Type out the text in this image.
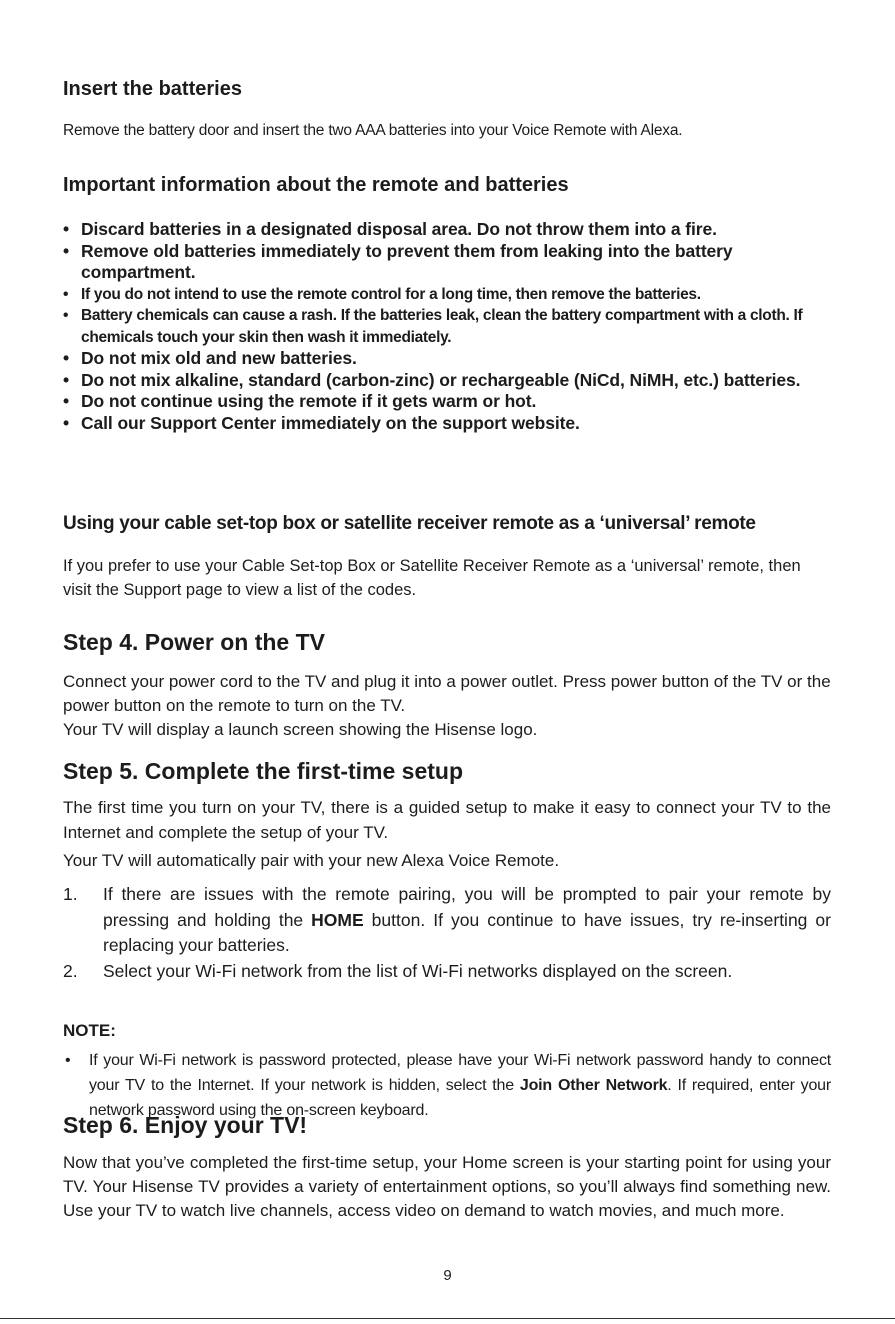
Insert the batteries

Remove the battery door and insert the two AAA batteries into your Voice Remote with Alexa.

Important information about the remote and batteries
• Discard batteries in a designated disposal area. Do not throw them into a fire.
• Remove old batteries immediately to prevent them from leaking into the battery compartment.
• If you do not intend to use the remote control for a long time, then remove the batteries.
• Battery chemicals can cause a rash. If the batteries leak, clean the battery compartment with a cloth. If chemicals touch your skin then wash it immediately.
• Do not mix old and new batteries.
• Do not mix alkaline, standard (carbon-zinc) or rechargeable (NiCd, NiMH, etc.) batteries.
• Do not continue using the remote if it gets warm or hot.
• Call our Support Center immediately on the support website.
Using your cable set-top box or satellite receiver remote as a ‘universal’ remote

If you prefer to use your Cable Set-top Box or Satellite Receiver Remote as a ‘universal’ remote, then visit the Support page to view a list of the codes.

Step 4. Power on the TV

Connect your power cord to the TV and plug it into a power outlet. Press power button of the TV or the power button on the remote to turn on the TV.

Your TV will display a launch screen showing the Hisense logo.

Step 5. Complete the first-time setup

The first time you turn on your TV, there is a guided setup to make it easy to connect your TV to the Internet and complete the setup of your TV.

Your TV will automatically pair with your new Alexa Voice Remote.

1. If there are issues with the remote pairing, you will be prompted to pair your remote by pressing and holding the HOME button. If you continue to have issues, try re-inserting or replacing your batteries.
2. Select your Wi-Fi network from the list of Wi-Fi networks displayed on the screen.
NOTE:
• If your Wi-Fi network is password protected, please have your Wi-Fi network password handy to connect your TV to the Internet. If your network is hidden, select the Join Other Network. If required, enter your network password using the on-screen keyboard.
Step 6. Enjoy your TV!

Now that you’ve completed the first-time setup, your Home screen is your starting point for using your TV. Your Hisense TV provides a variety of entertainment options, so you’ll always find something new. Use your TV to watch live channels, access video on demand to watch movies, and much more.

9
